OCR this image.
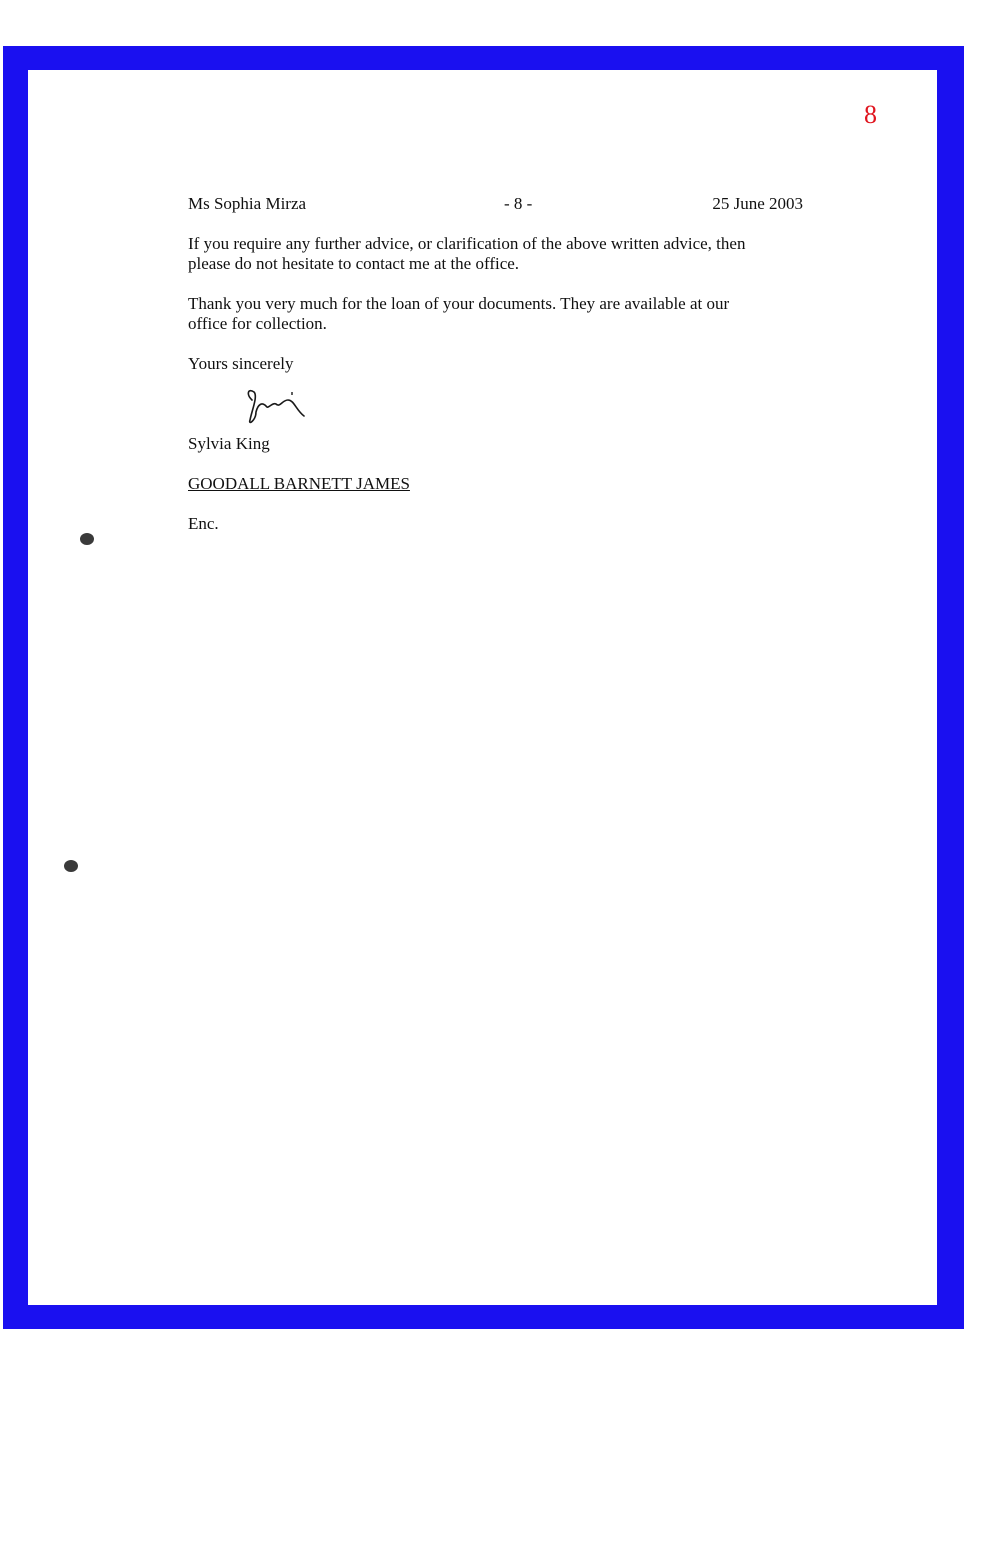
8
Ms Sophia Mirza	- 8 -	25 June 2003
If you require any further advice, or clarification of the above written advice, then
please do not hesitate to contact me at the office.
Thank you very much for the loan of your documents. They are available at our
office for collection.
Yours sincerely
Sylvia King
GOODALL BARNETT JAMES
Enc.
